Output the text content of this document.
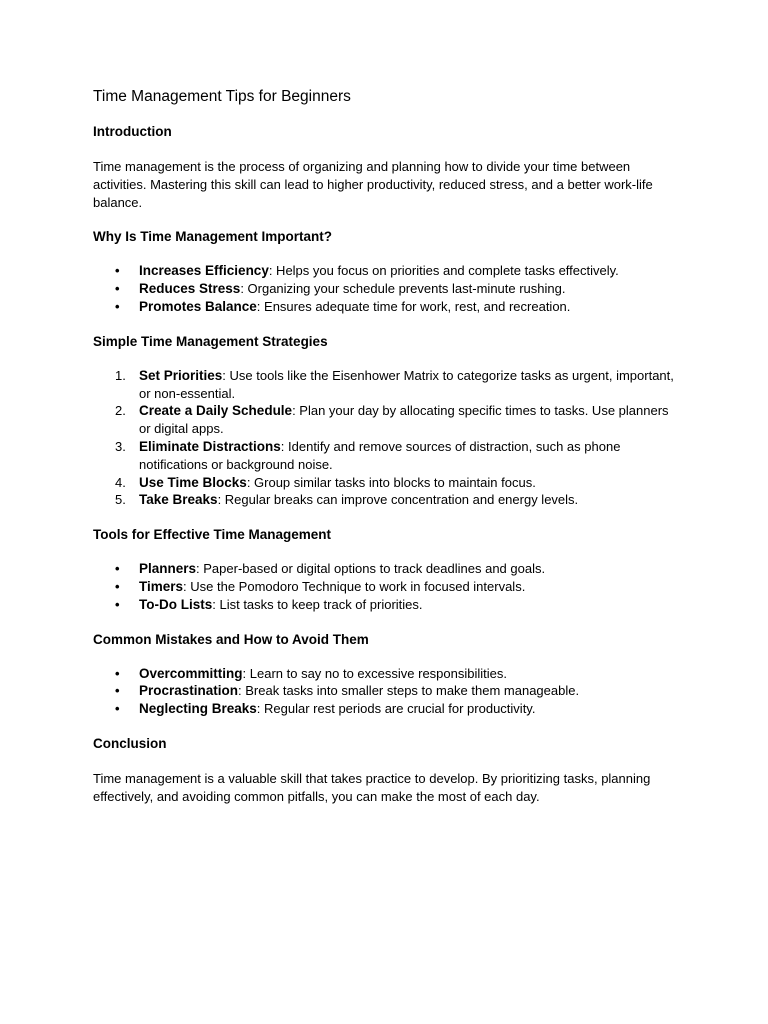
Time Management Tips for Beginners
Introduction

Time management is the process of organizing and planning how to divide your time between activities. Mastering this skill can lead to higher productivity, reduced stress, and a better work-life balance.

Why Is Time Management Important?
• Increases Efficiency: Helps you focus on priorities and complete tasks effectively.
• Reduces Stress: Organizing your schedule prevents last-minute rushing.
• Promotes Balance: Ensures adequate time for work, rest, and recreation.
Simple Time Management Strategies
1. Set Priorities: Use tools like the Eisenhower Matrix to categorize tasks as urgent, important, or non-essential.
2. Create a Daily Schedule: Plan your day by allocating specific times to tasks. Use planners or digital apps.
3. Eliminate Distractions: Identify and remove sources of distraction, such as phone notifications or background noise.
4. Use Time Blocks: Group similar tasks into blocks to maintain focus.
5. Take Breaks: Regular breaks can improve concentration and energy levels.
Tools for Effective Time Management
• Planners: Paper-based or digital options to track deadlines and goals.
• Timers: Use the Pomodoro Technique to work in focused intervals.
• To-Do Lists: List tasks to keep track of priorities.
Common Mistakes and How to Avoid Them
• Overcommitting: Learn to say no to excessive responsibilities.
• Procrastination: Break tasks into smaller steps to make them manageable.
• Neglecting Breaks: Regular rest periods are crucial for productivity.
Conclusion

Time management is a valuable skill that takes practice to develop. By prioritizing tasks, planning effectively, and avoiding common pitfalls, you can make the most of each day.
